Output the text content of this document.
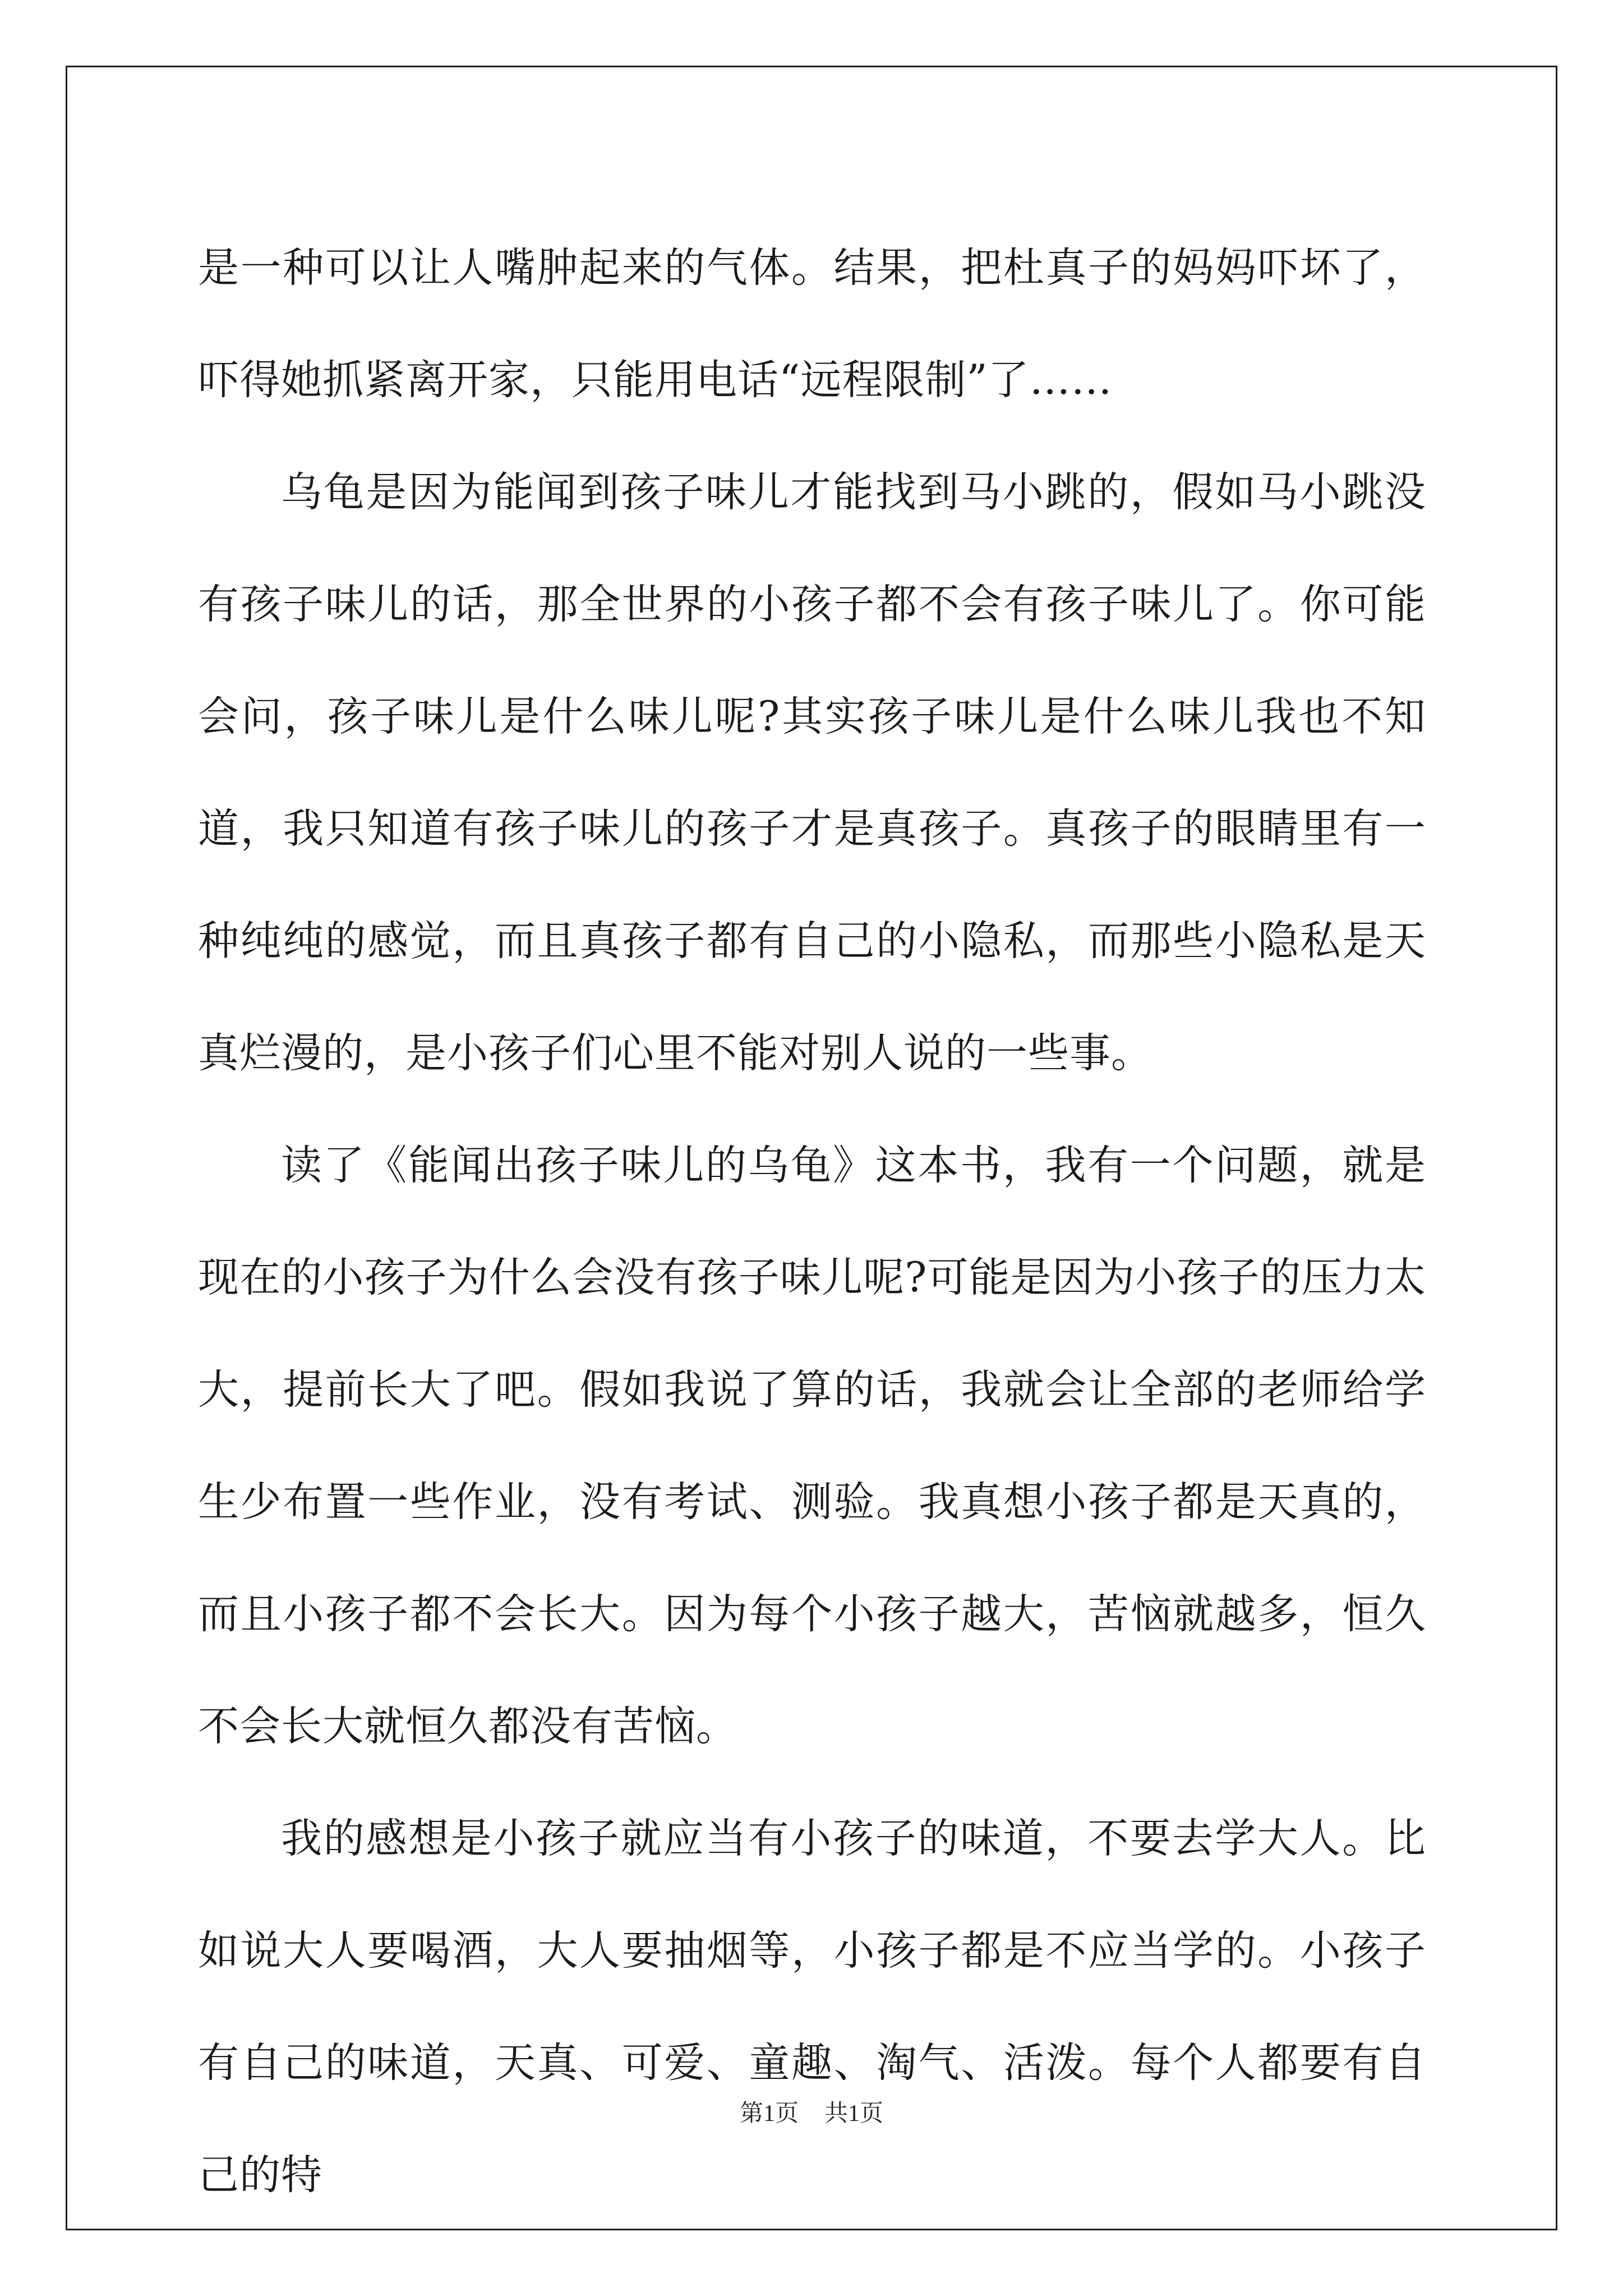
是一种可以让人嘴肿起来的气体。结果，把杜真子的妈妈吓坏了，吓得她抓紧离开家，只能用电话“远程限制”了……

乌龟是因为能闻到孩子味儿才能找到马小跳的，假如马小跳没有孩子味儿的话，那全世界的小孩子都不会有孩子味儿了。你可能会问，孩子味儿是什么味儿呢?其实孩子味儿是什么味儿我也不知道，我只知道有孩子味儿的孩子才是真孩子。真孩子的眼睛里有一种纯纯的感觉，而且真孩子都有自己的小隐私，而那些小隐私是天真烂漫的，是小孩子们心里不能对别人说的一些事。

读了《能闻出孩子味儿的乌龟》这本书，我有一个问题，就是现在的小孩子为什么会没有孩子味儿呢?可能是因为小孩子的压力太大，提前长大了吧。假如我说了算的话，我就会让全部的老师给学生少布置一些作业，没有考试、测验。我真想小孩子都是天真的，而且小孩子都不会长大。因为每个小孩子越大，苦恼就越多，恒久不会长大就恒久都没有苦恼。

我的感想是小孩子就应当有小孩子的味道，不要去学大人。比如说大人要喝酒，大人要抽烟等，小孩子都是不应当学的。小孩子有自己的味道，天真、可爱、童趣、淘气、活泼。每个人都要有自己的特

第1页 共1页
